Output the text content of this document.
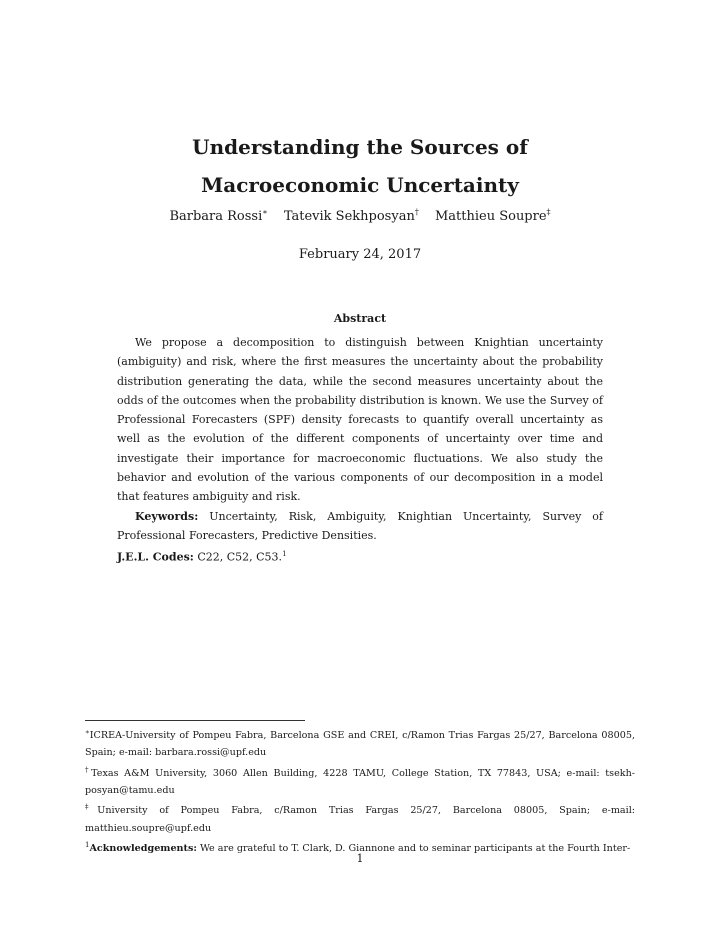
Understanding the Sources of Macroeconomic Uncertainty
Barbara Rossi∗ Tatevik Sekhposyan† Matthieu Soupre‡
February 24, 2017
Abstract

We propose a decomposition to distinguish between Knightian uncertainty (ambiguity) and risk, where the first measures the uncertainty about the probability distribution generating the data, while the second measures uncertainty about the odds of the outcomes when the probability distribution is known. We use the Survey of Professional Forecasters (SPF) density forecasts to quantify overall uncertainty as well as the evolution of the different components of uncertainty over time and investigate their importance for macroeconomic fluctuations. We also study the behavior and evolution of the various components of our decomposition in a model that features ambiguity and risk.

Keywords: Uncertainty, Risk, Ambiguity, Knightian Uncertainty, Survey of Professional Forecasters, Predictive Densities.

J.E.L. Codes: C22, C52, C53.$^1$

∗ICREA-University of Pompeu Fabra, Barcelona GSE and CREI, c/Ramon Trias Fargas 25/27, Barcelona 08005, Spain; e-mail: barbara.rossi@upf.edu

†Texas A&M University, 3060 Allen Building, 4228 TAMU, College Station, TX 77843, USA; e-mail: tsekh-posyan@tamu.edu

‡University of Pompeu Fabra, c/Ramon Trias Fargas 25/27, Barcelona 08005, Spain; e-mail: matthieu.soupre@upf.edu

$^1$Acknowledgements: We are grateful to T. Clark, D. Giannone and to seminar participants at the Fourth Inter-

1
